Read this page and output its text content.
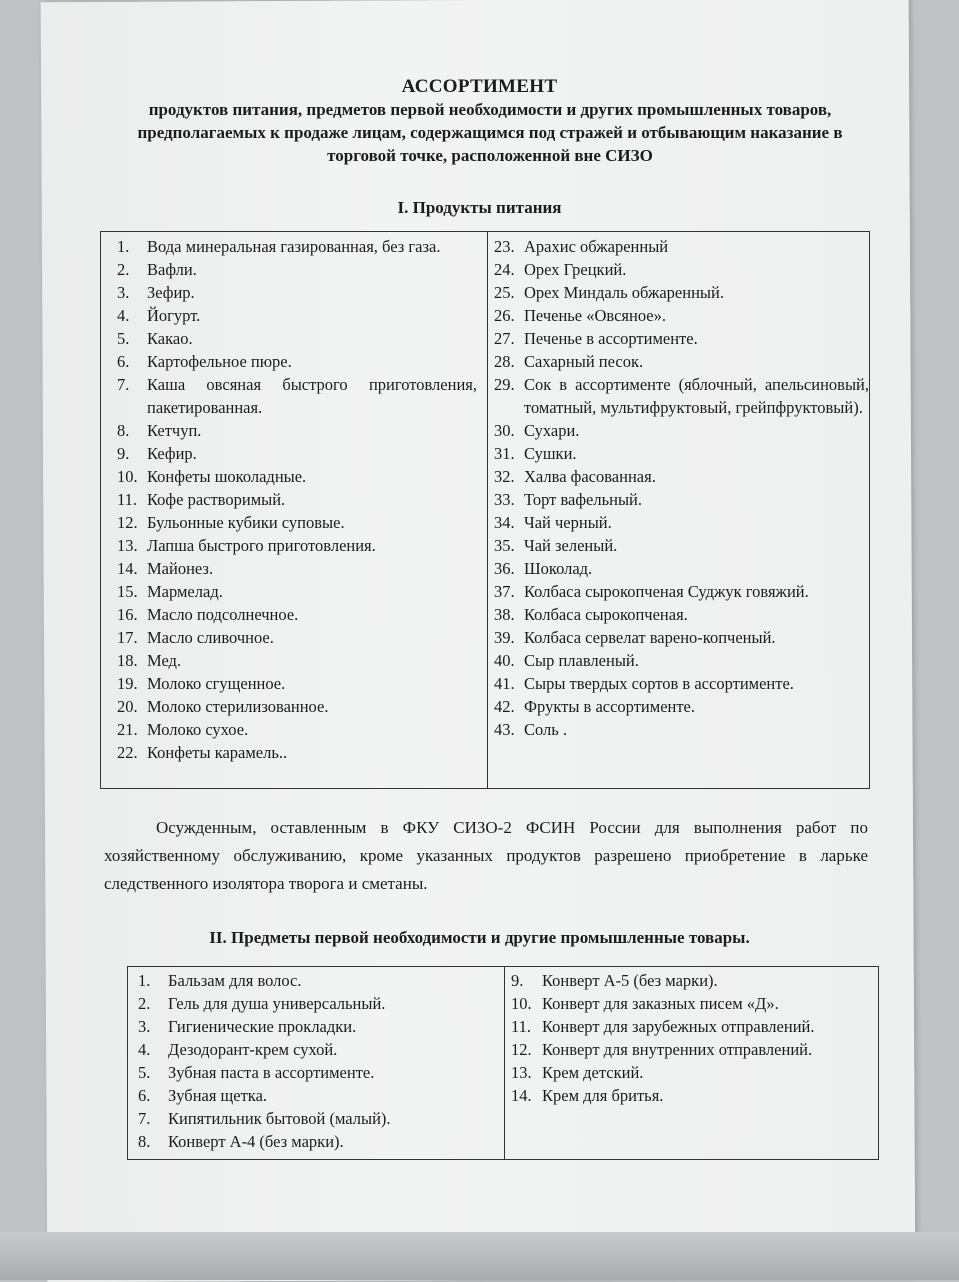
АССОРТИМЕНТ
продуктов питания, предметов первой необходимости и других промышленных товаров, предполагаемых к продаже лицам, содержащимся под стражей и отбывающим наказание в торговой точке, расположенной вне СИЗО
I. Продукты питания
1.	Вода минеральная газированная, без газа.
2.	Вафли.
3.	Зефир.
4.	Йогурт.
5.	Какао.
6.	Картофельное пюре.
7.	Каша овсяная быстрого приготовления, пакетированная.
8.	Кетчуп.
9.	Кефир.
10. Конфеты шоколадные.
11. Кофе растворимый.
12. Бульонные кубики суповые.
13. Лапша быстрого приготовления.
14. Майонез.
15. Мармелад.
16. Масло подсолнечное.
17. Масло сливочное.
18. Мед.
19. Молоко сгущенное.
20. Молоко стерилизованное.
21. Молоко сухое.
22. Конфеты карамель..
23. Арахис обжаренный
24. Орех Грецкий.
25. Орех Миндаль обжаренный.
26. Печенье «Овсяное».
27. Печенье в ассортименте.
28. Сахарный песок.
29. Сок в ассортименте (яблочный, апельсиновый, томатный, мультифруктовый, грейпфруктовый).
30. Сухари.
31. Сушки.
32. Халва фасованная.
33. Торт вафельный.
34. Чай черный.
35. Чай зеленый.
36. Шоколад.
37. Колбаса сырокопченая Суджук говяжий.
38. Колбаса сырокопченая.
39. Колбаса сервелат варено-копченый.
40. Сыр плавленый.
41. Сыры твердых сортов в ассортименте.
42. Фрукты в ассортименте.
43. Соль .
Осужденным, оставленным в ФКУ СИЗО-2 ФСИН России для выполнения работ по хозяйственному обслуживанию, кроме указанных продуктов разрешено приобретение в ларьке следственного изолятора творога и сметаны.
II. Предметы первой необходимости и другие промышленные товары.
1.	Бальзам для волос.
2.	Гель для душа универсальный.
3.	Гигиенические прокладки.
4.	Дезодорант-крем сухой.
5.	Зубная паста в ассортименте.
6.	Зубная щетка.
7.	Кипятильник бытовой (малый).
8.	Конверт А-4 (без марки).
9.	Конверт А-5 (без марки).
10. Конверт для заказных писем «Д».
11. Конверт для зарубежных отправлений.
12. Конверт для внутренних отправлений.
13. Крем детский.
14. Крем для бритья.
